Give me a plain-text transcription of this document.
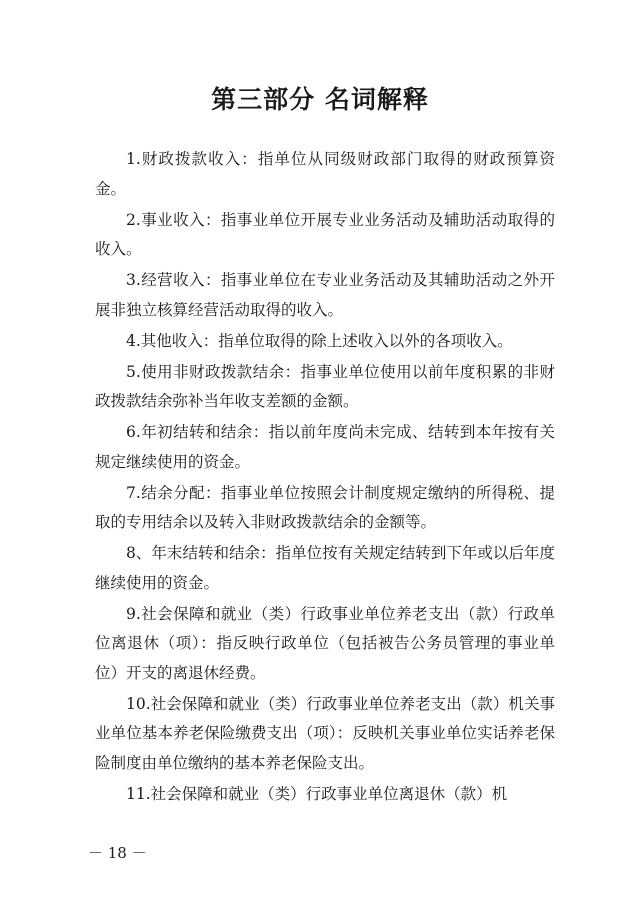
第三部分 名词解释

1.财政拨款收入：指单位从同级财政部门取得的财政预算资金。

2.事业收入：指事业单位开展专业业务活动及辅助活动取得的收入。

3.经营收入：指事业单位在专业业务活动及其辅助活动之外开展非独立核算经营活动取得的收入。

4.其他收入：指单位取得的除上述收入以外的各项收入。

5.使用非财政拨款结余：指事业单位使用以前年度积累的非财政拨款结余弥补当年收支差额的金额。

6.年初结转和结余：指以前年度尚未完成、结转到本年按有关规定继续使用的资金。

7.结余分配：指事业单位按照会计制度规定缴纳的所得税、提取的专用结余以及转入非财政拨款结余的金额等。

8、年末结转和结余：指单位按有关规定结转到下年或以后年度继续使用的资金。

9.社会保障和就业（类）行政事业单位养老支出（款）行政单位离退休（项）：指反映行政单位（包括被告公务员管理的事业单位）开支的离退休经费。

10.社会保障和就业（类）行政事业单位养老支出（款）机关事业单位基本养老保险缴费支出（项）：反映机关事业单位实话养老保险制度由单位缴纳的基本养老保险支出。

11.社会保障和就业（类）行政事业单位离退休（款）机

－ 18 －
